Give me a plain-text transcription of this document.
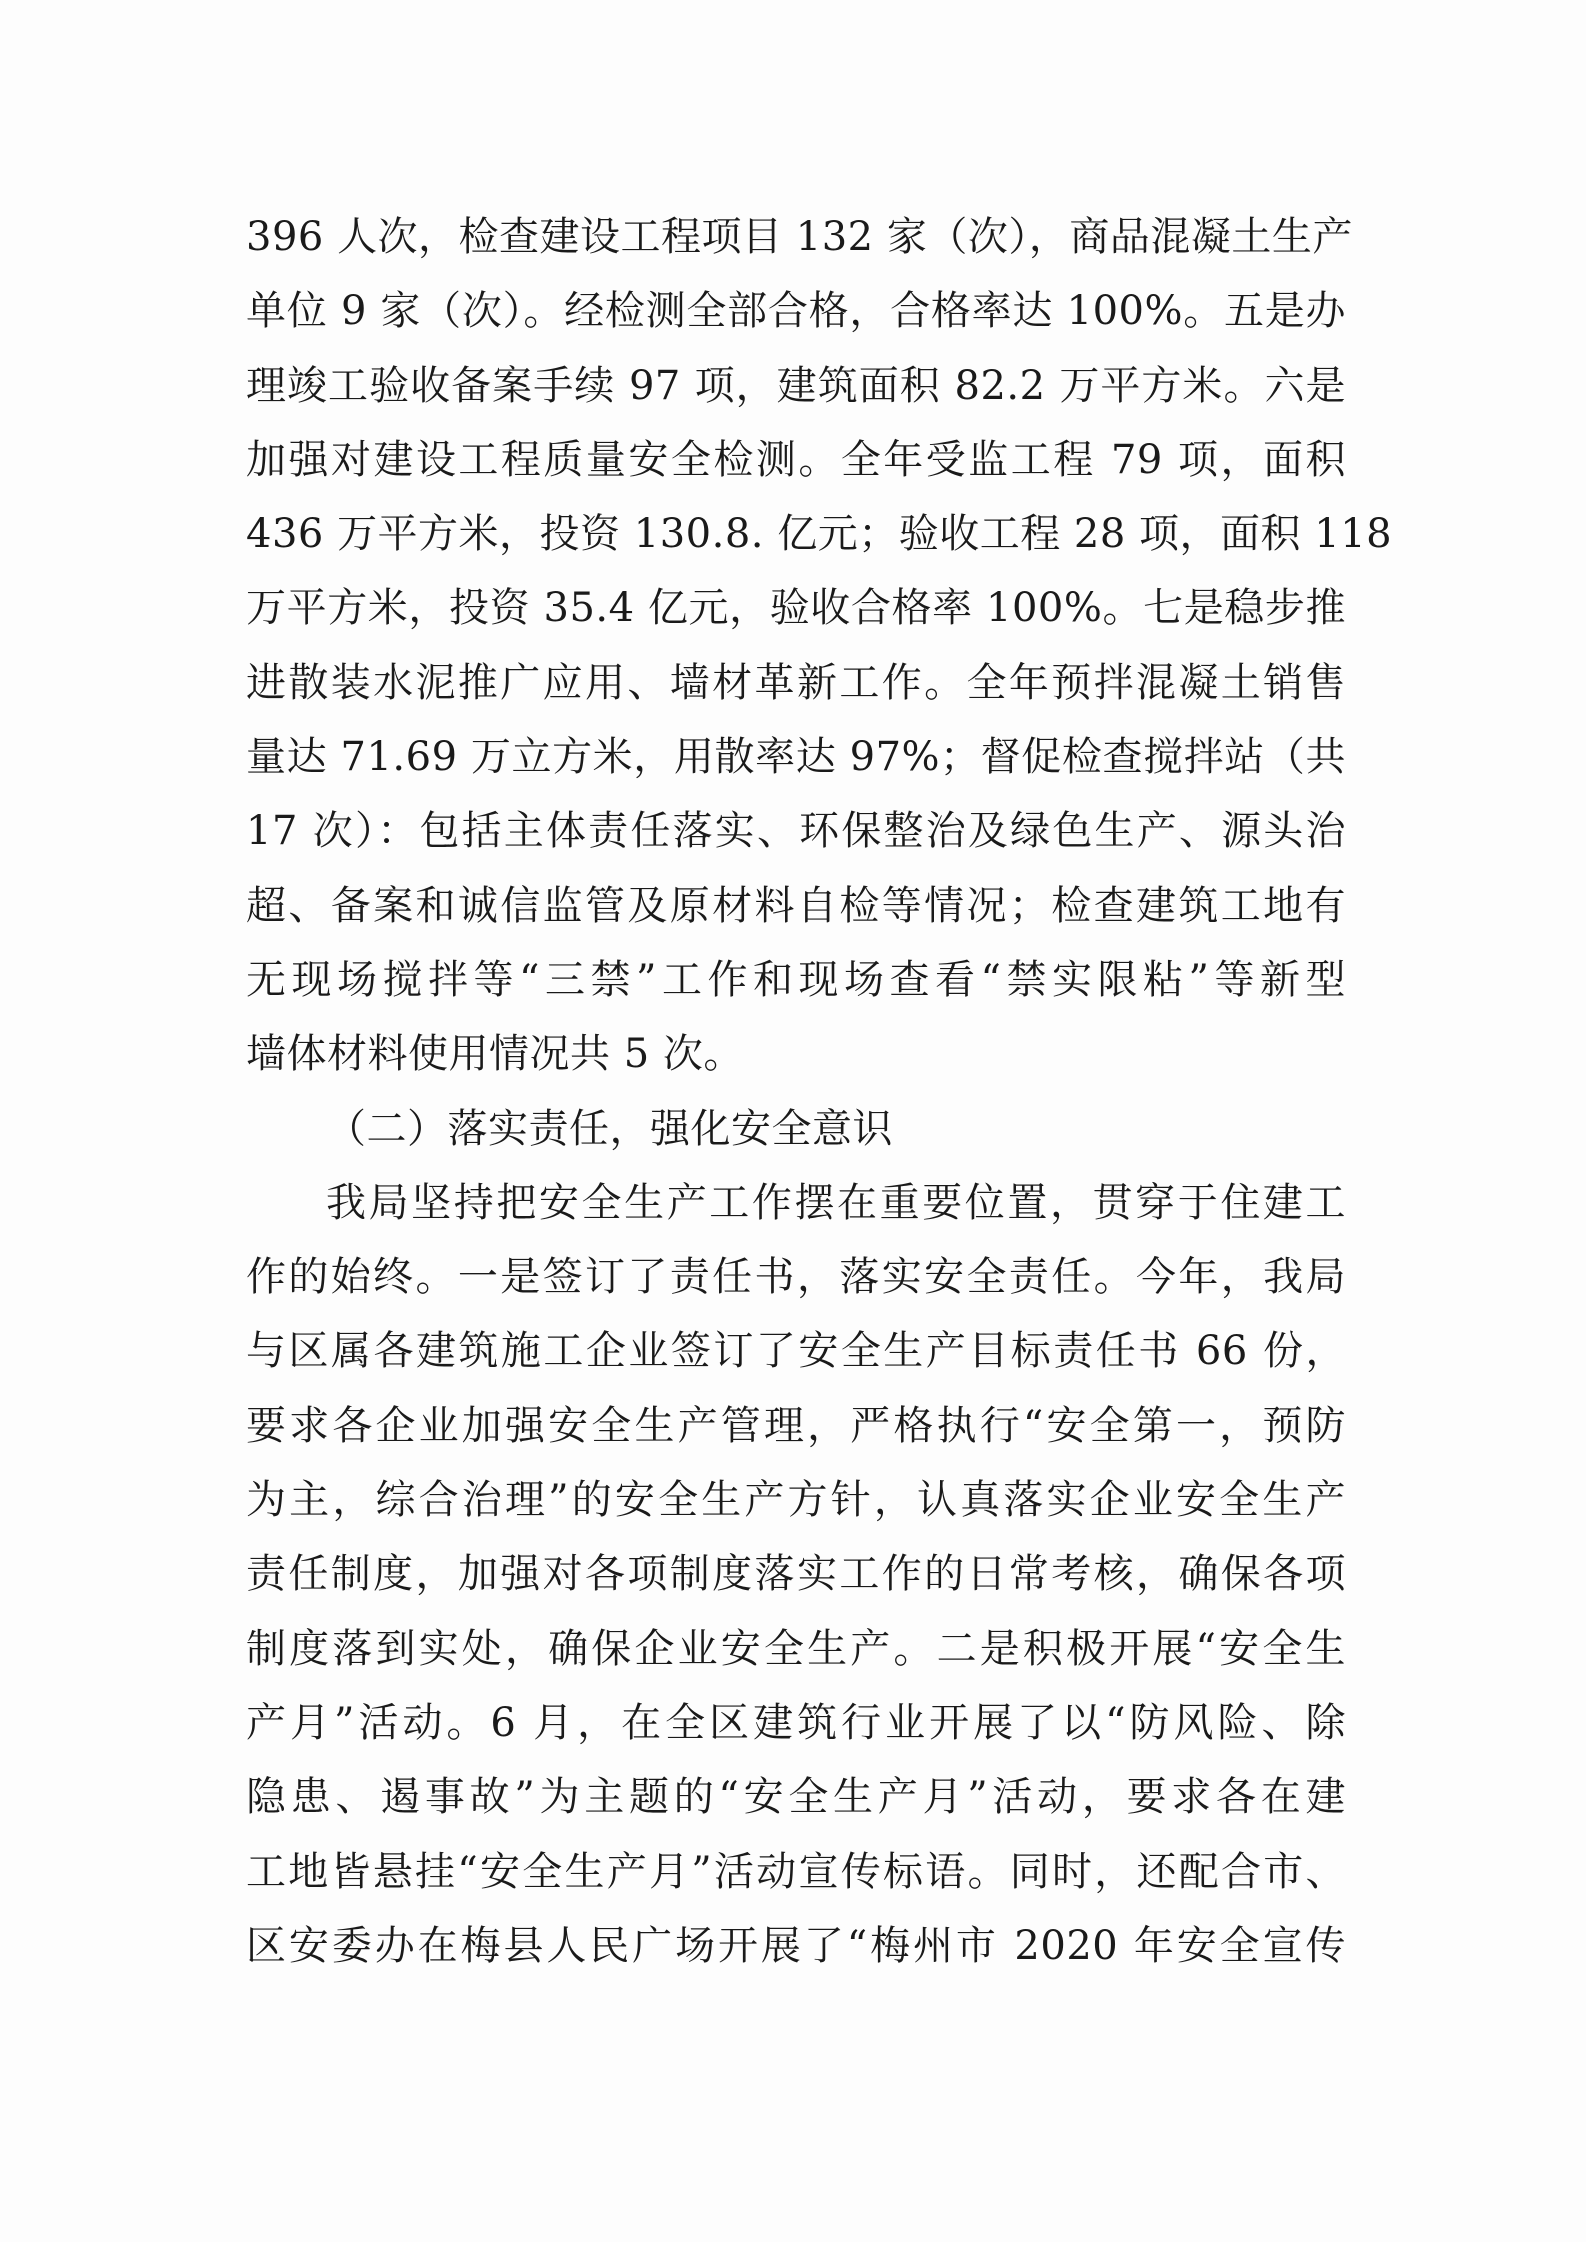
396 人次，检查建设工程项目 132 家（次），商品混凝土生产
单位 9 家（次）。经检测全部合格，合格率达 100%。五是办
理竣工验收备案手续 97 项，建筑面积 82.2 万平方米。六是
加强对建设工程质量安全检测。全年受监工程 79 项，面积
436 万平方米，投资 130.8. 亿元；验收工程 28 项，面积 118
万平方米，投资 35.4 亿元，验收合格率 100%。七是稳步推
进散装水泥推广应用、墙材革新工作。全年预拌混凝土销售
量达 71.69 万立方米，用散率达 97%；督促检查搅拌站（共
17 次）：包括主体责任落实、环保整治及绿色生产、源头治
超、备案和诚信监管及原材料自检等情况；检查建筑工地有
无现场搅拌等“三禁”工作和现场查看“禁实限粘”等新型
墙体材料使用情况共 5 次。
（二）落实责任，强化安全意识
我局坚持把安全生产工作摆在重要位置，贯穿于住建工
作的始终。一是签订了责任书，落实安全责任。今年，我局
与区属各建筑施工企业签订了安全生产目标责任书 66 份，
要求各企业加强安全生产管理，严格执行“安全第一，预防
为主，综合治理”的安全生产方针，认真落实企业安全生产
责任制度，加强对各项制度落实工作的日常考核，确保各项
制度落到实处，确保企业安全生产。二是积极开展“安全生
产月”活动。6 月，在全区建筑行业开展了以“防风险、除
隐患、遏事故”为主题的“安全生产月”活动，要求各在建
工地皆悬挂“安全生产月”活动宣传标语。同时，还配合市、
区安委办在梅县人民广场开展了“梅州市 2020 年安全宣传
